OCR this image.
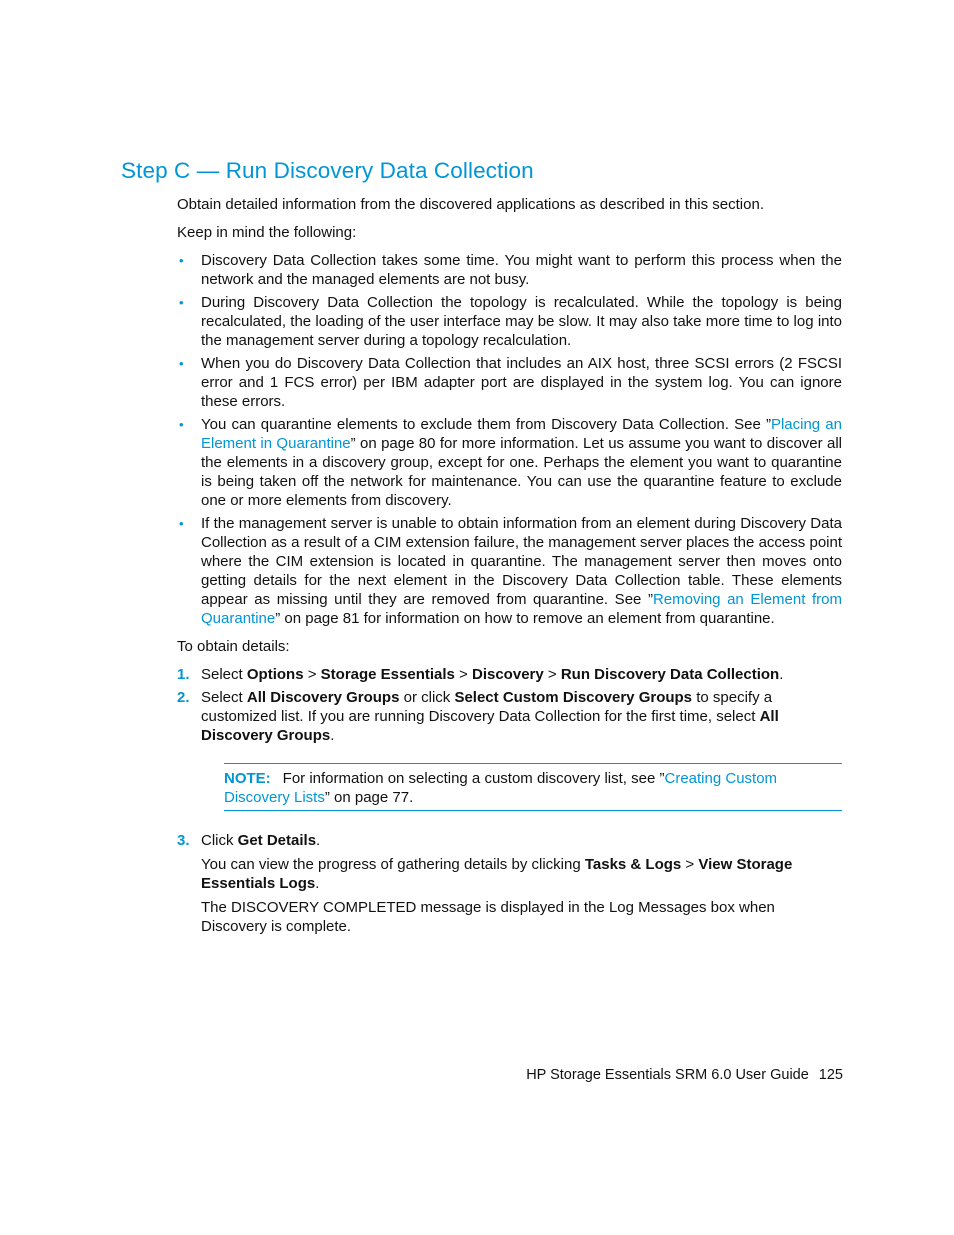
Step C — Run Discovery Data Collection

Obtain detailed information from the discovered applications as described in this section.

Keep in mind the following:

• Discovery Data Collection takes some time. You might want to perform this process when the network and the managed elements are not busy.
• During Discovery Data Collection the topology is recalculated. While the topology is being recalculated, the loading of the user interface may be slow. It may also take more time to log into the management server during a topology recalculation.
• When you do Discovery Data Collection that includes an AIX host, three SCSI errors (2 FSCSI error and 1 FCS error) per IBM adapter port are displayed in the system log. You can ignore these errors.
• You can quarantine elements to exclude them from Discovery Data Collection. See ”Placing an Element in Quarantine” on page 80 for more information. Let us assume you want to discover all the elements in a discovery group, except for one. Perhaps the element you want to quarantine is being taken off the network for maintenance. You can use the quarantine feature to exclude one or more elements from discovery.
• If the management server is unable to obtain information from an element during Discovery Data Collection as a result of a CIM extension failure, the management server places the access point where the CIM extension is located in quarantine. The management server then moves onto getting details for the next element in the Discovery Data Collection table. These elements appear as missing until they are removed from quarantine. See ”Removing an Element from Quarantine” on page 81 for information on how to remove an element from quarantine.

To obtain details:

1. Select Options > Storage Essentials > Discovery > Run Discovery Data Collection.
2. Select All Discovery Groups or click Select Custom Discovery Groups to specify a customized list. If you are running Discovery Data Collection for the first time, select All Discovery Groups.
NOTE: For information on selecting a custom discovery list, see ”Creating Custom Discovery Lists” on page 77.
3. Click Get Details.

You can view the progress of gathering details by clicking Tasks & Logs > View Storage Essentials Logs.

The DISCOVERY COMPLETED message is displayed in the Log Messages box when Discovery is complete.

HP Storage Essentials SRM 6.0 User Guide 125
